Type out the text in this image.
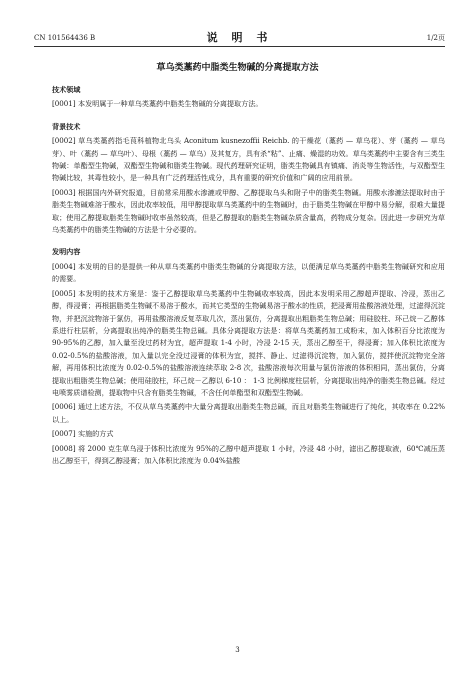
CN 101564436 B	说 明 书	1/2页
草乌类藁药中脂类生物碱的分离提取方法
技术领域
[0001] 本发明属于一种草乌类藁药中脂类生物碱的分离提取方法。
背景技术
[0002] 草乌类藁药指毛茛科植物北乌头 Aconitum kusnezoffii Reichb. 的干燥花（藁药 — 草乌花）、芽（藁药 — 草乌芽）、叶（藁药 — 草乌叶）、母根（藁药 — 草乌）及其复方，具有杀“粘”、止痛、燥湿的功效。草乌类藁药中主要含有三类生物碱：单酯型生物碱，双酯型生物碱和脂类生物碱。现代药理研究证明，脂类生物碱具有镇痛、消炎等生物活性，与双酯型生物碱比较，其毒性较小，是一种具有广泛药理活性成分，具有重要的研究价值和广阔的应用前景。
[0003] 根据国内外研究报道，目前常采用酸水渗漉或甲醇、乙醇提取乌头和附子中的脂类生物碱。用酸水渗漉法提取时由于脂类生物碱难溶于酸水，因此收率较低，用甲醇提取草乌类藁药中的生物碱时，由于脂类生物碱在甲醇中易分解，很难大量提取；使用乙醇提取脂类生物碱时收率虽然较高，但是乙醇提取的脂类生物碱杂质含量高，药物成分复杂。因此进一步研究为草乌类藁药中的脂类生物碱的方法是十分必要的。
发明内容
[0004] 本发明的目的是提供一种从草乌类藁药中脂类生物碱的分离提取方法，以便满足草乌类藁药中脂类生物碱研究和应用的需要。
[0005] 本发明的技术方案是：鉴于乙醇提取草乌类藁药中生物碱收率较高，因此本发明采用乙醇超声提取、冷浸，蒸出乙醇，得浸膏；再根据脂类生物碱不易溶于酸水，而其它类型的生物碱易溶于酸水的性质，把浸膏用盐酸溶液处理，过滤得沉淀物，并把沉淀物溶于氯仿，再用盐酸溶液反复萃取几次，蒸出氯仿，分离提取出粗脂类生物总碱；用硅胶柱、环己烷－乙醇体系进行柱层析，分离提取出纯净的脂类生物总碱。具体分离提取方法是：将草乌类藁药加工成粉末，加入体积百分比浓度为 90-95%的乙醇，加入量至没过药材为宜，超声提取 1-4 小时，冷浸 2-15 天，蒸出乙醇至干，得浸膏；加入体积比浓度为 0.02-0.5%的盐酸溶液，加入量以完全没过浸膏的体积为宜，搅拌、静止、过滤得沉淀物，加入氯仿，搅拌使沉淀物完全溶解，再用体积比浓度为 0.02-0.5%的盐酸溶液连续萃取 2-8 次，盐酸溶液每次用量与氯仿溶液的体积相同，蒸出氯仿，分离提取出粗脂类生物总碱；使用硅胶柱，环己烷－乙醇以 6-10 ： 1-3 比例梯度柱层析，分离提取出纯净的脂类生物总碱。经过电喷雾质谱检测，提取物中只含有脂类生物碱，不含任何单酯型和双酯型生物碱。
[0006] 通过上述方法，不仅从草乌类藁药中大量分离提取出脂类生物总碱，而且对脂类生物碱进行了纯化，其收率在 0.22%以上。
[0007] 实施的方式
[0008] 将 2000 克生草乌浸于体积比浓度为 95%的乙醇中超声提取 1 小时，冷浸 48 小时，滤出乙醇提取液，60℃减压蒸出乙醇至干，得到乙醇浸膏；加入体积比浓度为 0.04%盐酸
3
